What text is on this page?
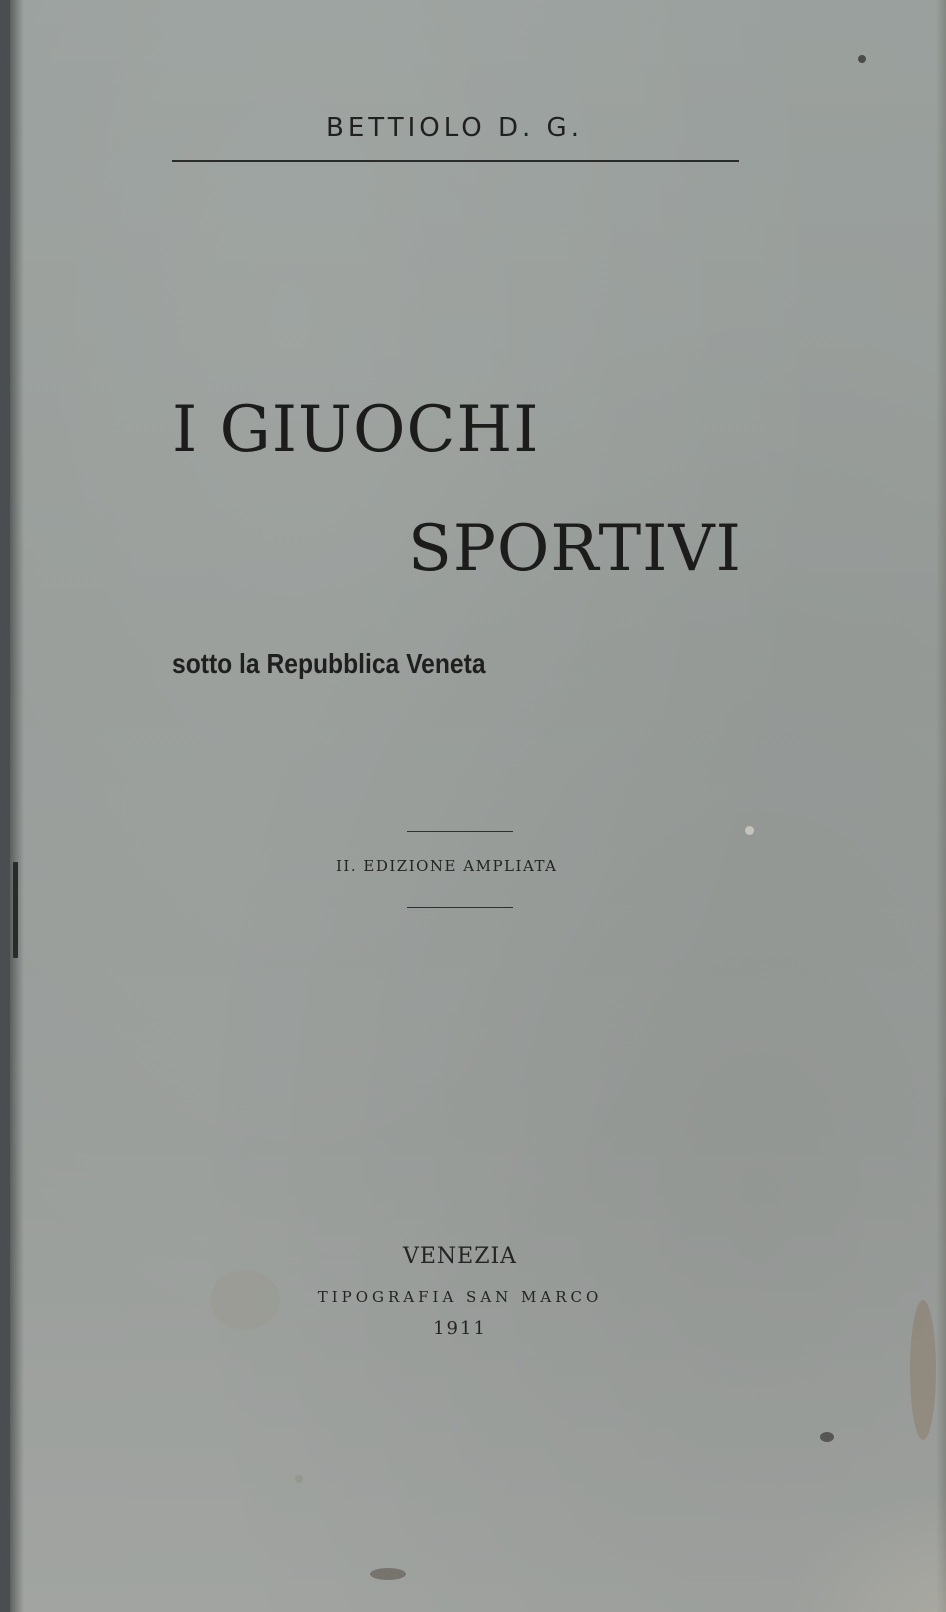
BETTIOLO D. G.
I GIUOCHI
SPORTIVI
sotto la Repubblica Veneta
II. EDIZIONE AMPLIATA
VENEZIA
TIPOGRAFIA SAN MARCO
1911
